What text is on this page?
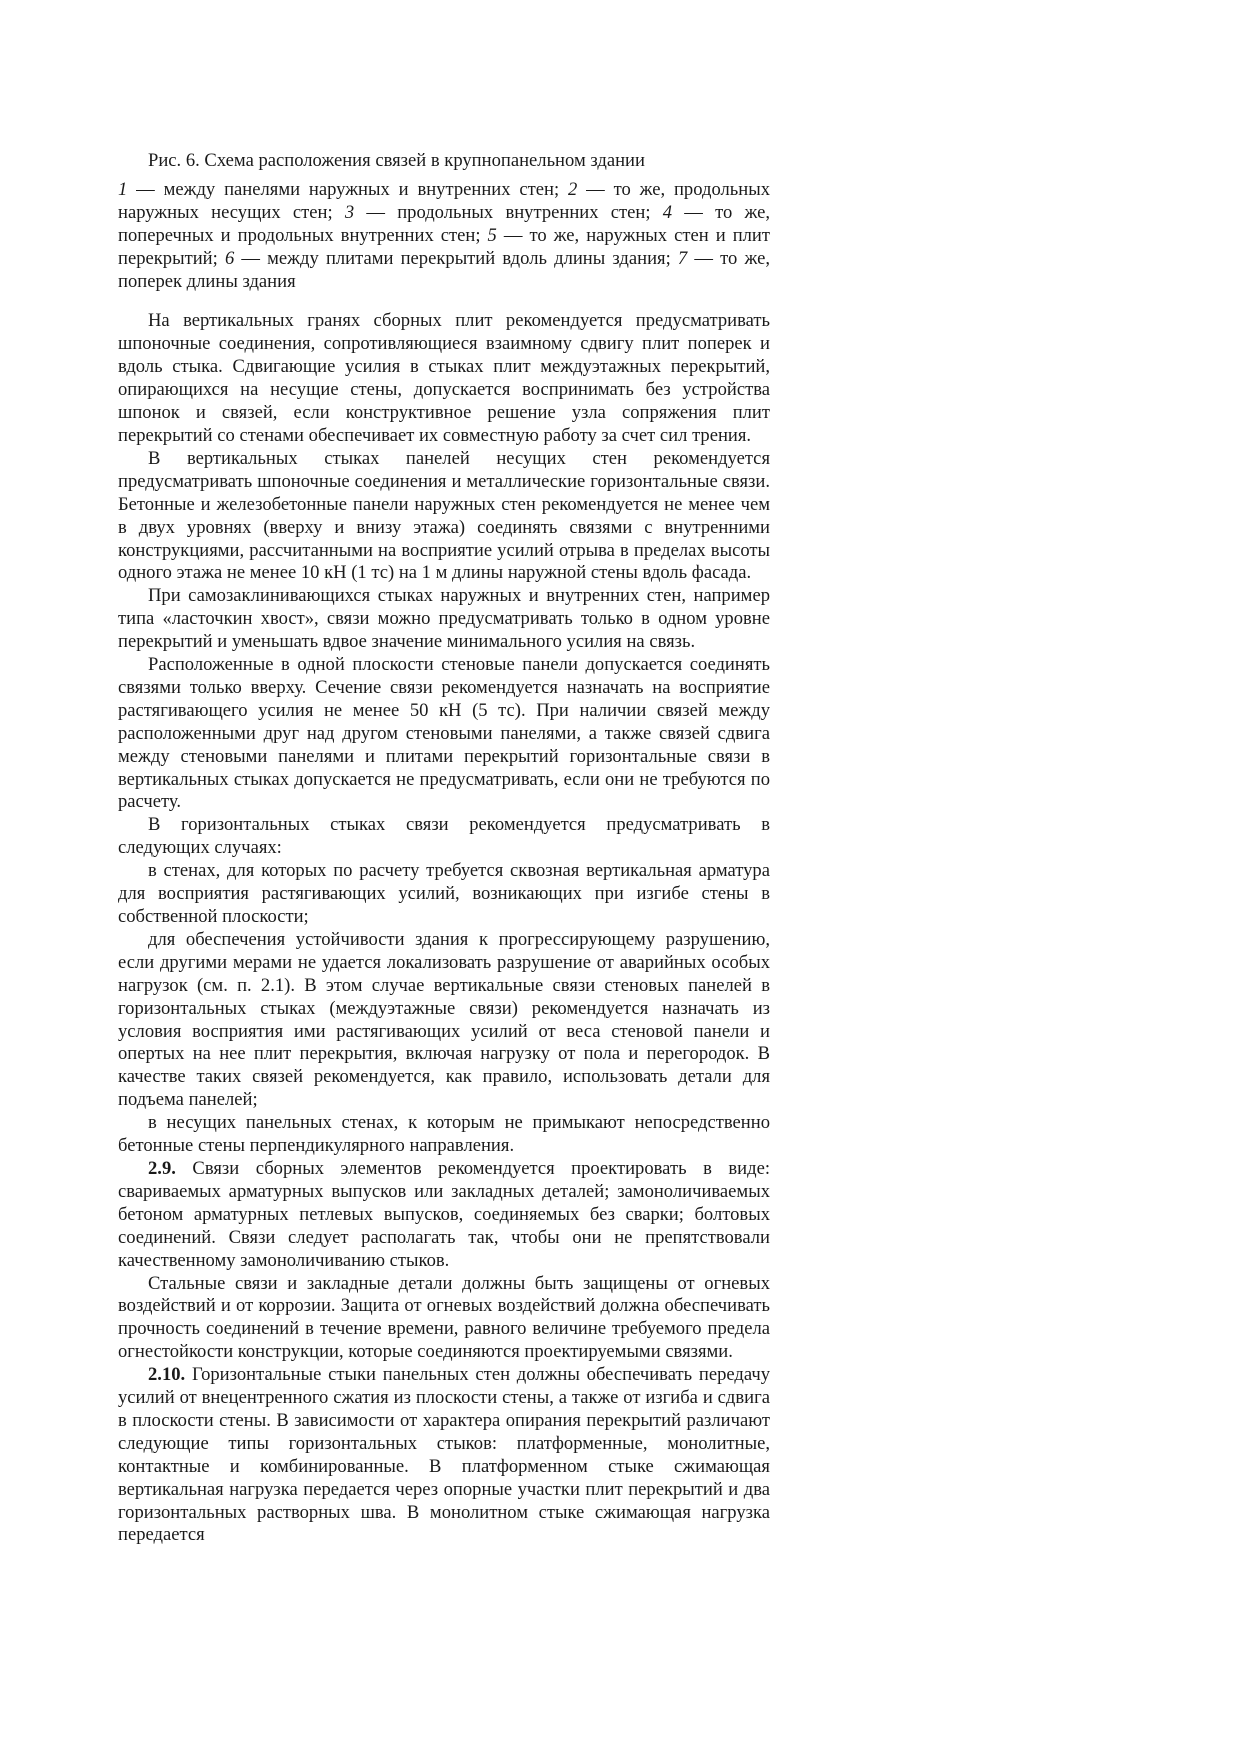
Рис. 6. Схема расположения связей в крупнопанельном здании

1 — между панелями наружных и внутренних стен; 2 — то же, продольных наружных несущих стен; 3 — продольных внутренних стен; 4 — то же, поперечных и продольных внутренних стен; 5 — то же, наружных стен и плит перекрытий; 6 — между плитами перекрытий вдоль длины здания; 7 — то же, поперек длины здания

На вертикальных гранях сборных плит рекомендуется предусматривать шпоночные соединения, сопротивляющиеся взаимному сдвигу плит поперек и вдоль стыка. Сдвигающие усилия в стыках плит междуэтажных перекрытий, опирающихся на несущие стены, допускается воспринимать без устройства шпонок и связей, если конструктивное решение узла сопряжения плит перекрытий со стенами обеспечивает их совместную работу за счет сил трения.

В вертикальных стыках панелей несущих стен рекомендуется предусматривать шпоночные соединения и металлические горизонтальные связи. Бетонные и железобетонные панели наружных стен рекомендуется не менее чем в двух уровнях (вверху и внизу этажа) соединять связями с внутренними конструкциями, рассчитанными на восприятие усилий отрыва в пределах высоты одного этажа не менее 10 кН (1 тс) на 1 м длины наружной стены вдоль фасада.

При самозаклинивающихся стыках наружных и внутренних стен, например типа «ласточкин хвост», связи можно предусматривать только в одном уровне перекрытий и уменьшать вдвое значение минимального усилия на связь.

Расположенные в одной плоскости стеновые панели допускается соединять связями только вверху. Сечение связи рекомендуется назначать на восприятие растягивающего усилия не менее 50 кН (5 тс). При наличии связей между расположенными друг над другом стеновыми панелями, а также связей сдвига между стеновыми панелями и плитами перекрытий горизонтальные связи в вертикальных стыках допускается не предусматривать, если они не требуются по расчету.

В горизонтальных стыках связи рекомендуется предусматривать в следующих случаях:

в стенах, для которых по расчету требуется сквозная вертикальная арматура для восприятия растягивающих усилий, возникающих при изгибе стены в собственной плоскости;

для обеспечения устойчивости здания к прогрессирующему разрушению, если другими мерами не удается локализовать разрушение от аварийных особых нагрузок (см. п. 2.1). В этом случае вертикальные связи стеновых панелей в горизонтальных стыках (междуэтажные связи) рекомендуется назначать из условия восприятия ими растягивающих усилий от веса стеновой панели и опертых на нее плит перекрытия, включая нагрузку от пола и перегородок. В качестве таких связей рекомендуется, как правило, использовать детали для подъема панелей;

в несущих панельных стенах, к которым не примыкают непосредственно бетонные стены перпендикулярного направления.

2.9. Связи сборных элементов рекомендуется проектировать в виде: свариваемых арматурных выпусков или закладных деталей; замоноличиваемых бетоном арматурных петлевых выпусков, соединяемых без сварки; болтовых соединений. Связи следует располагать так, чтобы они не препятствовали качественному замоноличиванию стыков.

Стальные связи и закладные детали должны быть защищены от огневых воздействий и от коррозии. Защита от огневых воздействий должна обеспечивать прочность соединений в течение времени, равного величине требуемого предела огнестойкости конструкции, которые соединяются проектируемыми связями.

2.10. Горизонтальные стыки панельных стен должны обеспечивать передачу усилий от внецентренного сжатия из плоскости стены, а также от изгиба и сдвига в плоскости стены. В зависимости от характера опирания перекрытий различают следующие типы горизонтальных стыков: платформенные, монолитные, контактные и комбинированные. В платформенном стыке сжимающая вертикальная нагрузка передается через опорные участки плит перекрытий и два горизонтальных растворных шва. В монолитном стыке сжимающая нагрузка передается
